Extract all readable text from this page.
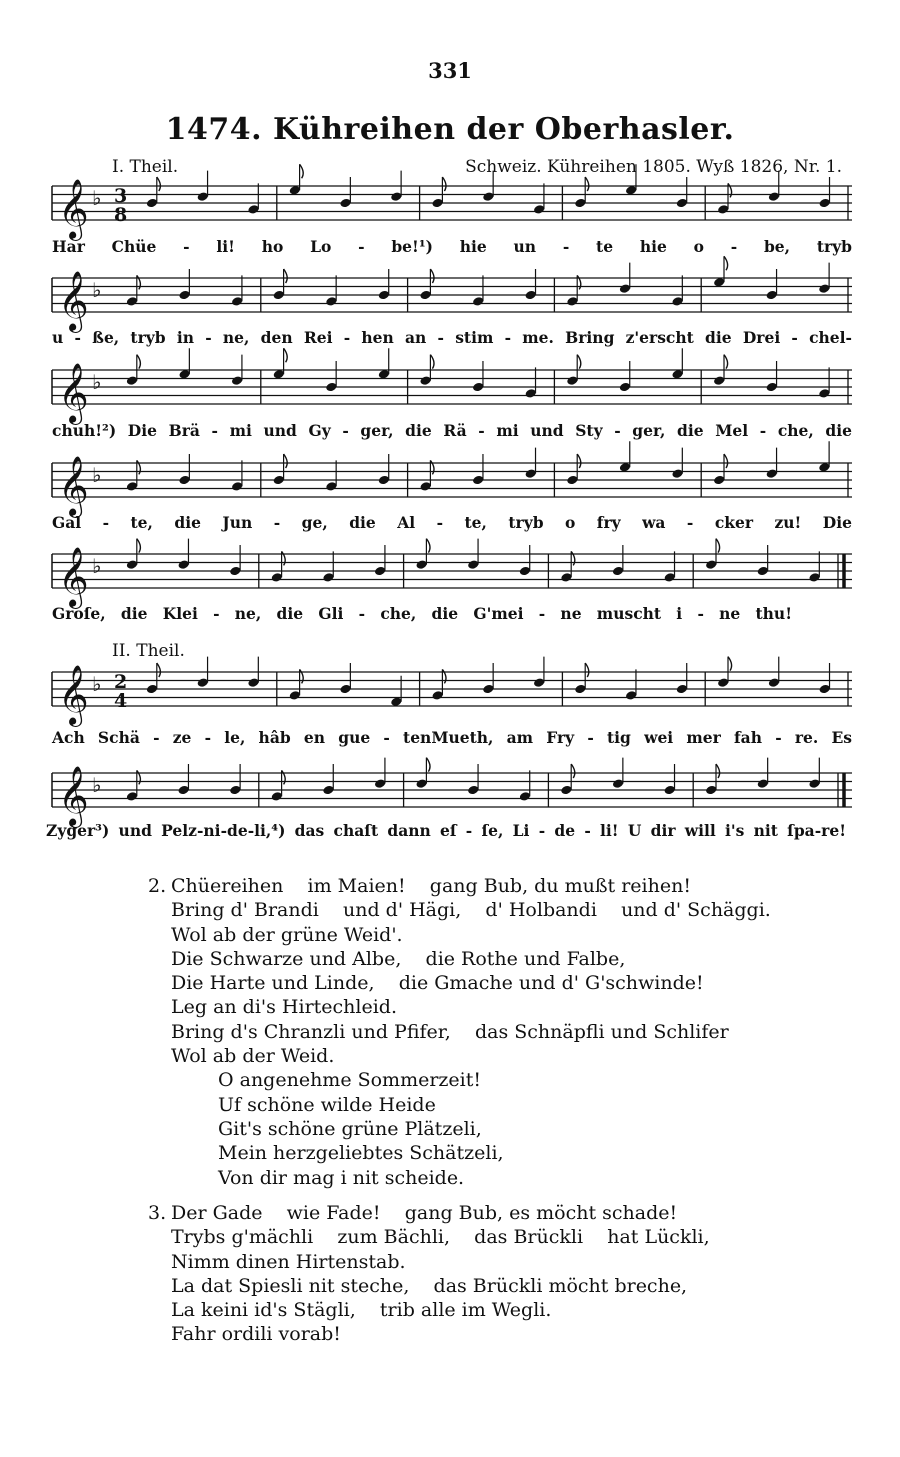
331
1474. Kühreihen der Oberhasler.
I. Theil.	Schweiz. Kühreihen 1805. Wyß 1826, Nr. 1.
𝄞 ♭ 3
8
Har Chüe - li! ho Lo - be!¹) hie un - te hie o - be, tryb
𝄞 ♭
u - ße, tryb in - ne, den Rei - hen an - stim - me. Bring z'erscht die Drei - chel-
𝄞 ♭
chuh!²) Die Brä - mi und Gy - ger, die Rä - mi und Sty - ger, die Mel - che, die
𝄞 ♭
Gal - te, die Jun - ge, die Al - te, tryb o fry wa - cker zu! Die
𝄞 ♭
Groſe, die Klei - ne, die Gli - che, die G'mei - ne muscht i - ne thu!
II. Theil.
𝄞 ♭ 2
4
Ach Schä - ze - le, hâb en gue - tenMueth, am Fry - tig wei mer fah - re. Es
𝄞 ♭
Zyger³) und Pelz-ni-de-li,⁴) das chaſt dann eſ - ſe, Li - de - li! U dir will i's nit ſpa-re!
2. Chüereihen    im Maien!    gang Bub, du mußt reihen!
Bring d' Brandi    und d' Hägi,    d' Holbandi    und d' Schäggi.
Wol ab der grüne Weid'.
Die Schwarze und Albe,    die Rothe und Falbe,
Die Harte und Linde,    die Gmache und d' G'schwinde!
Leg an di's Hirtechleid.
Bring d's Chranzli und Pfifer,    das Schnäpfli und Schlifer
Wol ab der Weid.
O angenehme Sommerzeit!
Uf schöne wilde Heide
Git's schöne grüne Plätzeli,
Mein herzgeliebtes Schätzeli,
Von dir mag i nit scheide.
3. Der Gade    wie Fade!    gang Bub, es möcht schade!
Trybs g'mächli    zum Bächli,    das Brückli    hat Lückli,
Nimm dinen Hirtenstab.
La dat Spiesli nit steche,    das Brückli möcht breche,
La keini id's Stägli,    trib alle im Wegli.
Fahr ordili vorab!
